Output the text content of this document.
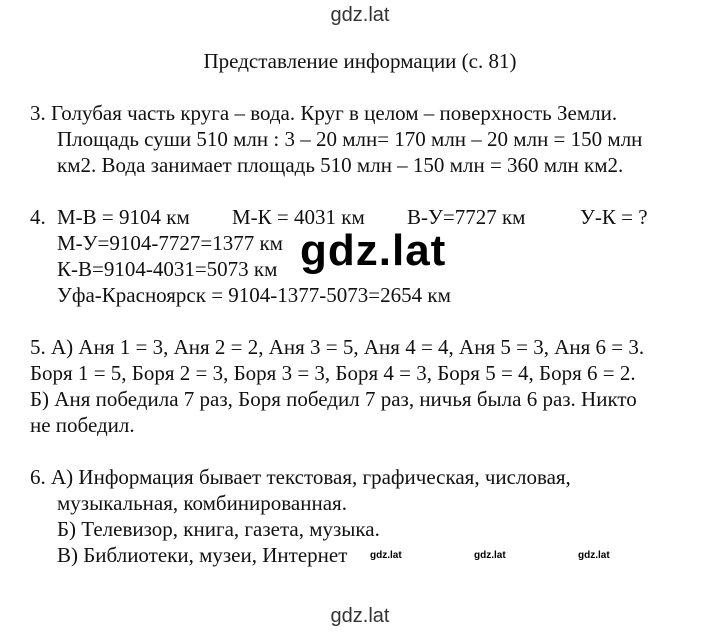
gdz.lat
Представление информации (с. 81)
3. Голубая часть круга – вода. Круг в целом – поверхность Земли.
Площадь суши 510 млн : 3 – 20 млн= 170 млн – 20 млн = 150 млн
км2. Вода занимает площадь 510 млн – 150 млн = 360 млн км2.
4. М-В = 9104 км М-К = 4031 км В-У=7727 км	У-К = ?
М-У=9104-7727=1377 км
К-В=9104-4031=5073 км
Уфа-Красноярск = 9104-1377-5073=2654 км
gdz.lat
5. А) Аня 1 = 3, Аня 2 = 2, Аня 3 = 5, Аня 4 = 4, Аня 5 = 3, Аня 6 = 3.
Боря 1 = 5, Боря 2 = 3, Боря 3 = 3, Боря 4 = 3, Боря 5 = 4, Боря 6 = 2.
Б) Аня победила 7 раз, Боря победил 7 раз, ничья была 6 раз. Никто
не победил.
6. А) Информация бывает текстовая, графическая, числовая,
музыкальная, комбинированная.
Б) Телевизор, книга, газета, музыка.
В) Библиотеки, музеи, Интернет gdz.lat	gdz.lat	gdz.lat
gdz.lat
